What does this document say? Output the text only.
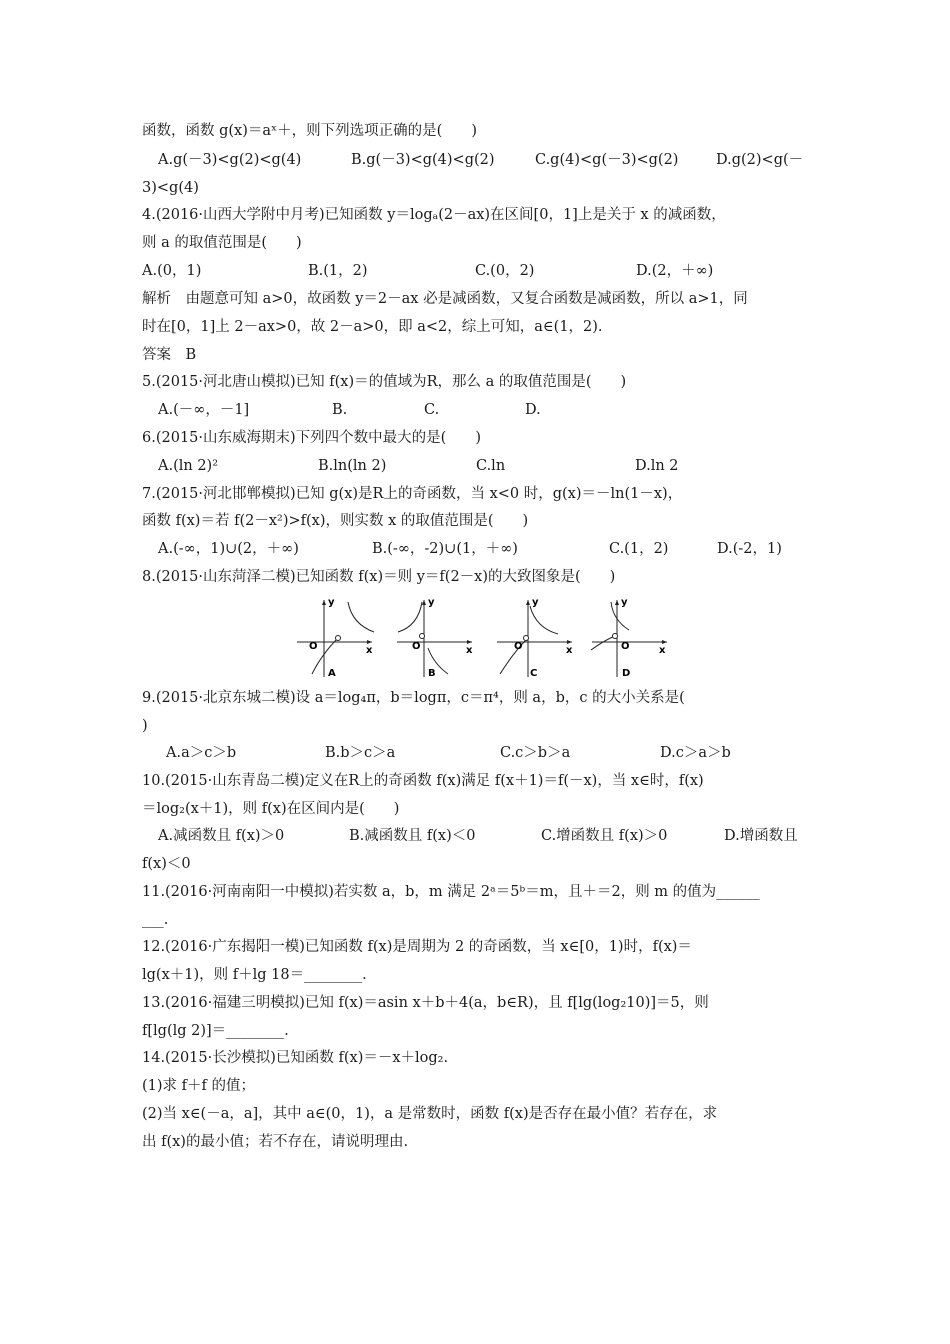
函数，函数 g(x)＝aˣ＋，则下列选项正确的是(　　)
A.g(－3)<g(2)<g(4)	B.g(－3)<g(4)<g(2)	C.g(4)<g(－3)<g(2)	D.g(2)<g(－
3)<g(4)
4.(2016·山西大学附中月考)已知函数 y＝logₐ(2－ax)在区间[0，1]上是关于 x 的减函数，
则 a 的取值范围是(　　)
A.(0，1)	B.(1，2)	C.(0，2)	D.(2，＋∞)
解析　由题意可知 a>0，故函数 y＝2－ax 必是减函数，又复合函数是减函数，所以 a>1，同
时在[0，1]上 2－ax>0，故 2－a>0，即 a<2，综上可知，a∈(1，2).
答案　B
5.(2015·河北唐山模拟)已知 f(x)＝的值域为R，那么 a 的取值范围是(　　)
A.(－∞，－1]	B.	C.	D.
6.(2015·山东威海期末)下列四个数中最大的是(　　)
A.(ln 2)²	B.ln(ln 2)	C.ln	D.ln 2
7.(2015·河北邯郸模拟)已知 g(x)是R上的奇函数，当 x<0 时，g(x)＝－ln(1－x)，
函数 f(x)＝若 f(2－x²)>f(x)，则实数 x 的取值范围是(　　)
A.(-∞，1)∪(2，＋∞)	B.(-∞，-2)∪(1，＋∞)	C.(1，2)	D.(-2，1)
8.(2015·山东菏泽二模)已知函数 f(x)＝则 y＝f(2－x)的大致图象是(　　)
y
O	x
A
y
O	x
B
y
O	x
C
y
O	x
D
9.(2015·北京东城二模)设 a＝log₄π，b＝logπ，c＝π⁴，则 a，b，c 的大小关系是(
)
A.a＞c＞b	B.b＞c＞a	C.c＞b＞a	D.c＞a＞b
10.(2015·山东青岛二模)定义在R上的奇函数 f(x)满足 f(x＋1)＝f(－x)，当 x∈时，f(x)
＝log₂(x＋1)，则 f(x)在区间内是(　　)
A.减函数且 f(x)＞0	B.减函数且 f(x)＜0	C.增函数且 f(x)＞0	D.增函数且
f(x)＜0
11.(2016·河南南阳一中模拟)若实数 a，b，m 满足 2ᵃ＝5ᵇ＝m，且＋＝2，则 m 的值为______
___.
12.(2016·广东揭阳一模)已知函数 f(x)是周期为 2 的奇函数，当 x∈[0，1)时，f(x)＝
lg(x＋1)，则 f＋lg 18＝________.
13.(2016·福建三明模拟)已知 f(x)＝asin x＋b＋4(a，b∈R)，且 f[lg(log₂10)]＝5，则
f[lg(lg 2)]＝________.
14.(2015·长沙模拟)已知函数 f(x)＝－x＋log₂.
(1)求 f＋f 的值；
(2)当 x∈(－a，a]，其中 a∈(0，1)，a 是常数时，函数 f(x)是否存在最小值？若存在，求
出 f(x)的最小值；若不存在，请说明理由.
